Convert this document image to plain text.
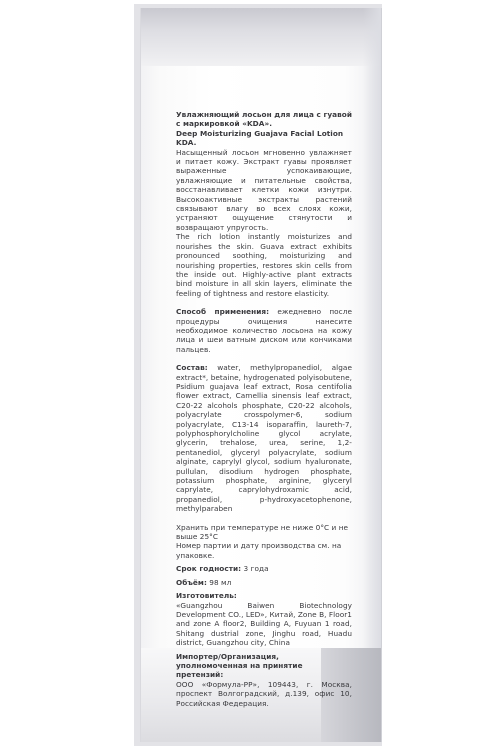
Увлажняющий лосьон для лица с гуавой с маркировкой «KDA».

Deep Moisturizing Guajava Facial Lotion KDA.

Насыщенный лосьон мгновенно увлажняет и питает кожу. Экстракт гуавы проявляет выраженные успокаивающие, увлажняющие и питательные свойства, восстанавливает клетки кожи изнутри. Высокоактивные экстракты растений связывают влагу во всех слоях кожи, устраняют ощущение стянутости и возвращают упругость.

The rich lotion instantly moisturizes and nourishes the skin. Guava extract exhibits pronounced soothing, moisturizing and nourishing properties, restores skin cells from the inside out. Highly-active plant extracts bind moisture in all skin layers, eliminate the feeling of tightness and restore elasticity.

Способ применения: ежедневно после процедуры очищения нанесите необходимое количество лосьона на кожу лица и шеи ватным диском или кончиками пальцев.

Состав: water, methylpropanediol, algae extract*, betaine, hydrogenated polyisobutene, Psidium guajava leaf extract, Rosa centifolia flower extract, Camellia sinensis leaf extract, C20-22 alcohols phosphate, C20-22 alcohols, polyacrylate crosspolymer-6, sodium polyacrylate, C13-14 isoparaffin, laureth-7, polyphosphorylcholine glycol acrylate, glycerin, trehalose, urea, serine, 1,2-pentanediol, glyceryl polyacrylate, sodium alginate, caprylyl glycol, sodium hyaluronate, pullulan, disodium hydrogen phosphate, potassium phosphate, arginine, glyceryl caprylate, caprylohydroxamic acid, propanediol, p-hydroxyacetophenone, methylparaben

Хранить при температуре не ниже 0°С и не выше 25°С

Номер партии и дату производства см. на упаковке.

Срок годности: 3 года

Объём: 98 мл

Изготовитель:

«Guangzhou Baiwen Biotechnology Development CO., LED», Китай, Zone B, Floor1 and zone A floor2, Building A, Fuyuan 1 road, Shitang dustrial zone, Jinghu road, Huadu district, Guangzhou city, China

Импортер/Организация, уполномоченная на принятие претензий:

ООО «Формула-РР», 109443, г. Москва, проспект Волгоградский, д.139, офис 10, Российская Федерация.
